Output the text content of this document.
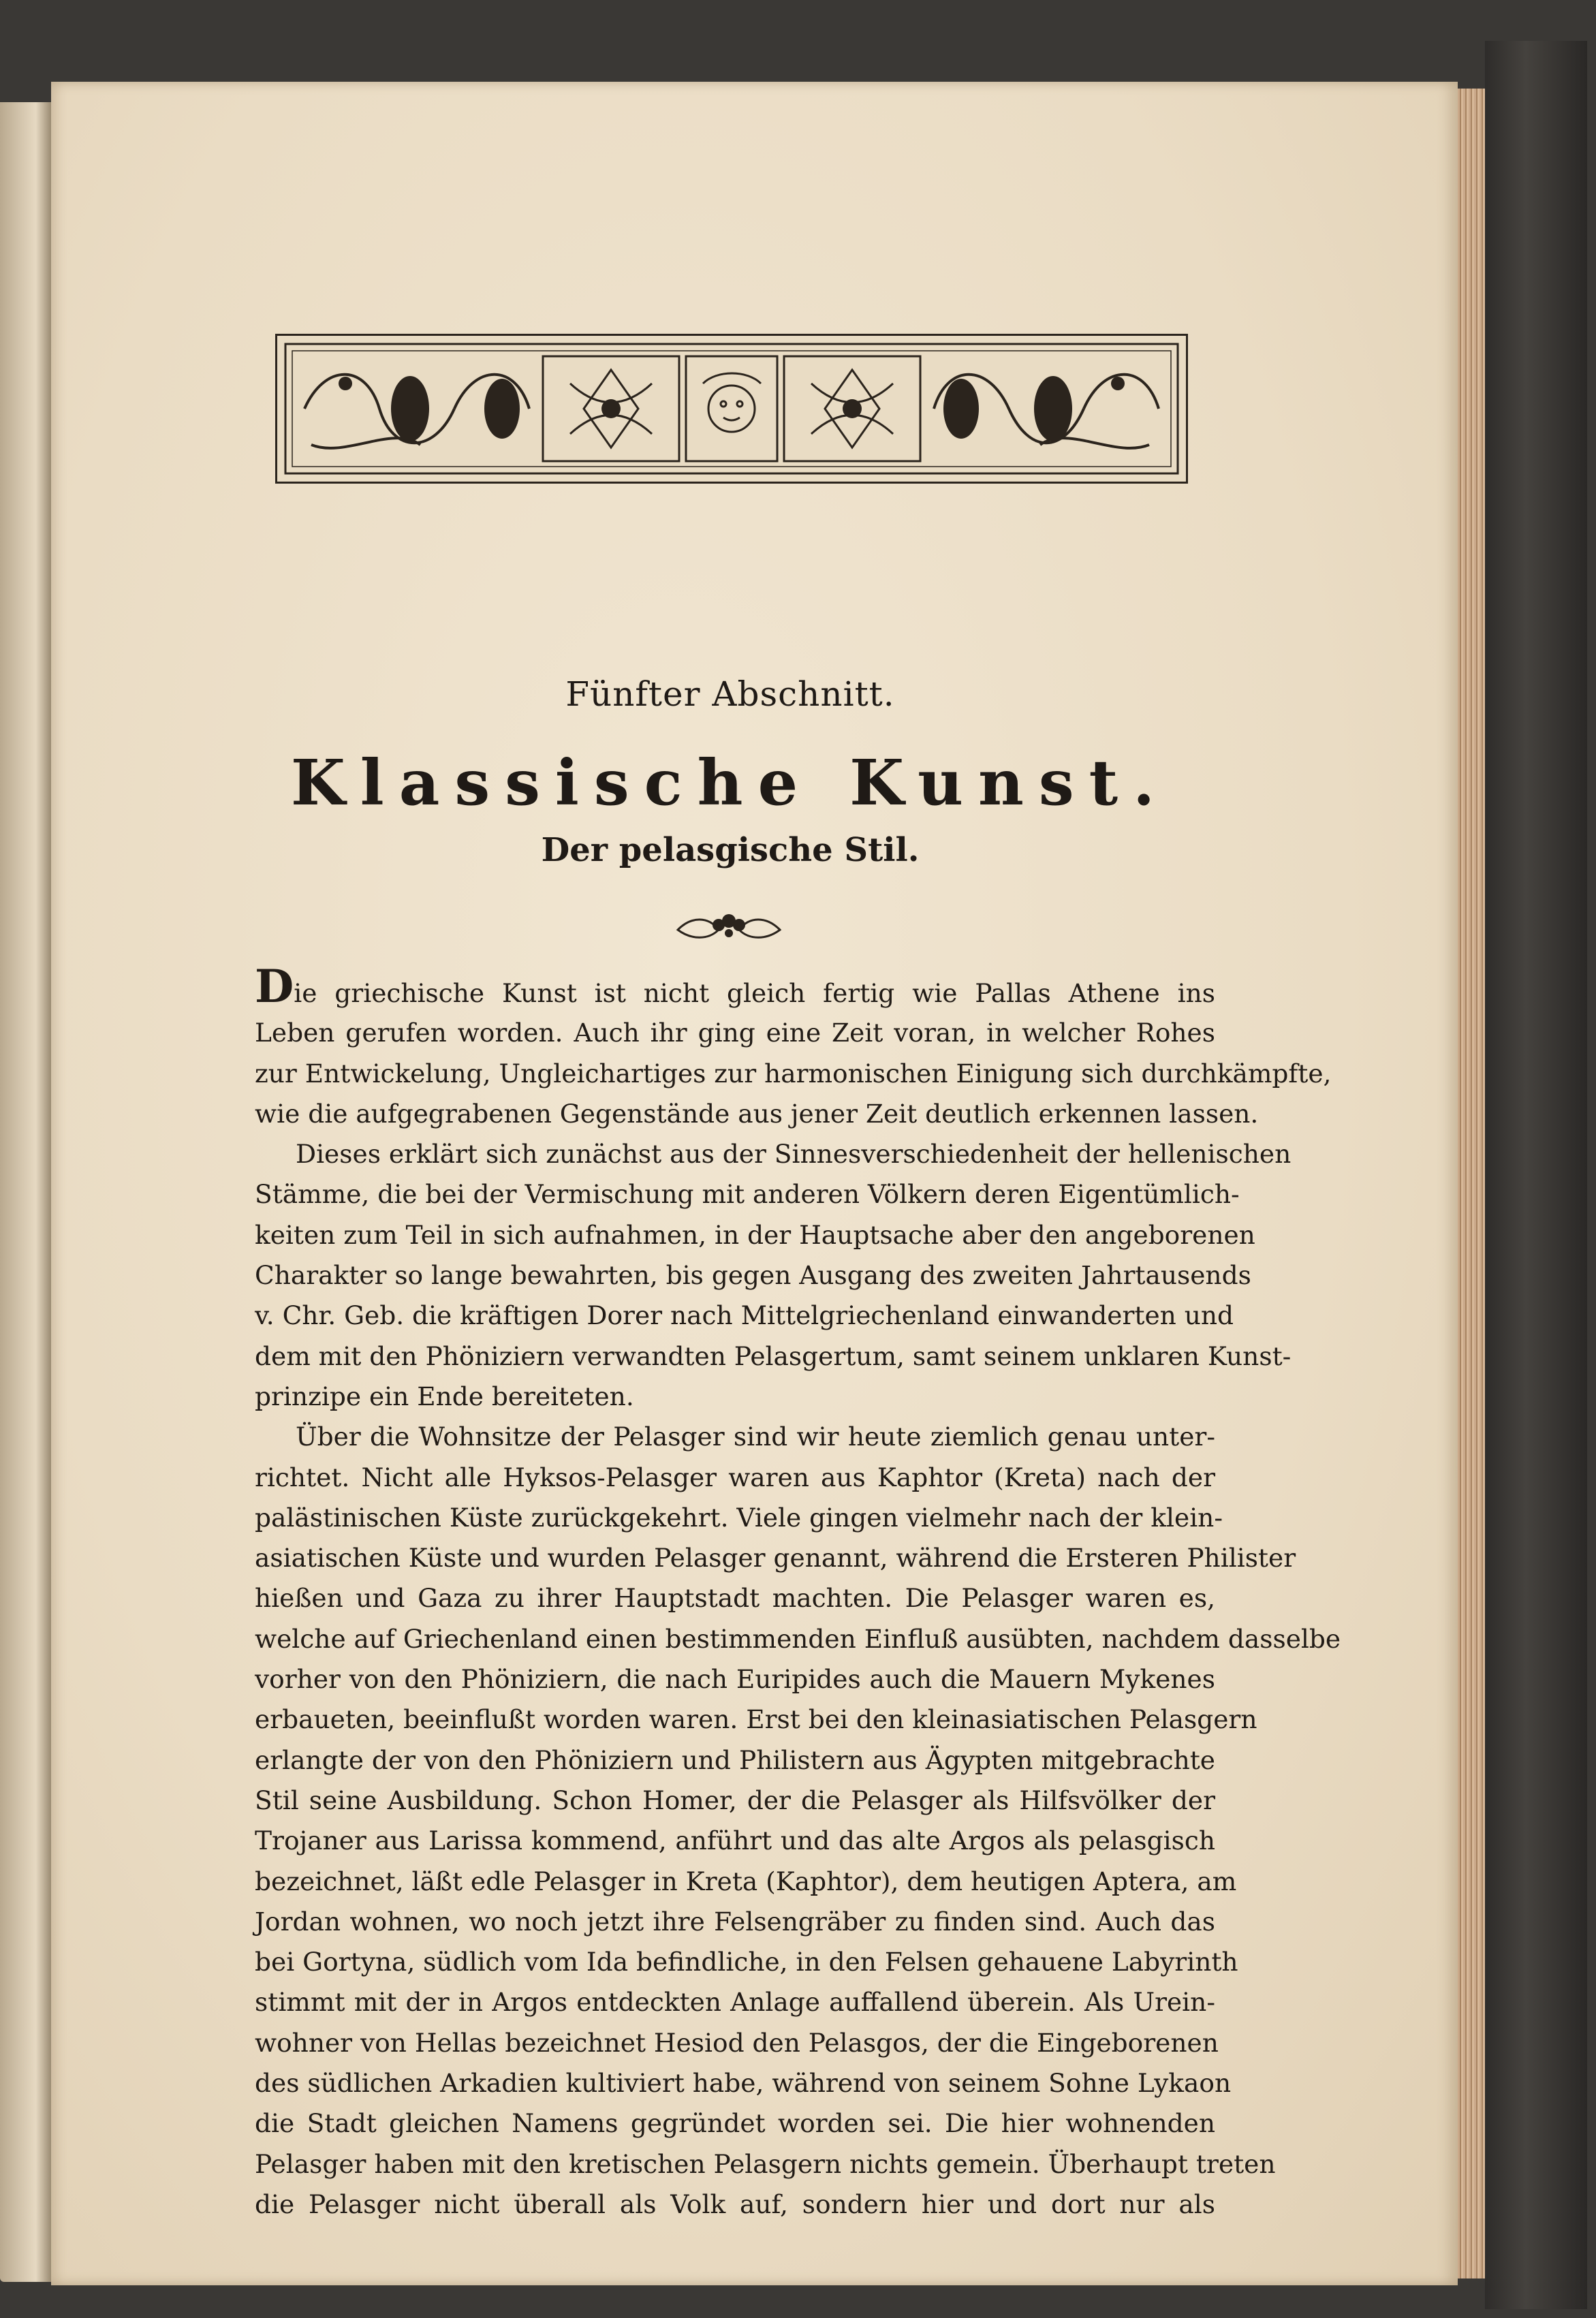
Fünfter Abschnitt.
Klassische Kunst.
Der pelasgische Stil.
Die griechische Kunst ist nicht gleich fertig wie Pallas Athene ins
Leben gerufen worden. Auch ihr ging eine Zeit voran, in welcher Rohes
zur Entwickelung, Ungleichartiges zur harmonischen Einigung sich durchkämpfte,
wie die aufgegrabenen Gegenstände aus jener Zeit deutlich erkennen lassen.
Dieses erklärt sich zunächst aus der Sinnesverschiedenheit der hellenischen
Stämme, die bei der Vermischung mit anderen Völkern deren Eigentümlich-
keiten zum Teil in sich aufnahmen, in der Hauptsache aber den angeborenen
Charakter so lange bewahrten, bis gegen Ausgang des zweiten Jahrtausends
v. Chr. Geb. die kräftigen Dorer nach Mittelgriechenland einwanderten und
dem mit den Phöniziern verwandten Pelasgertum, samt seinem unklaren Kunst-
prinzipe ein Ende bereiteten.
Über die Wohnsitze der Pelasger sind wir heute ziemlich genau unter-
richtet. Nicht alle Hyksos-Pelasger waren aus Kaphtor (Kreta) nach der
palästinischen Küste zurückgekehrt. Viele gingen vielmehr nach der klein-
asiatischen Küste und wurden Pelasger genannt, während die Ersteren Philister
hießen und Gaza zu ihrer Hauptstadt machten. Die Pelasger waren es,
welche auf Griechenland einen bestimmenden Einfluß ausübten, nachdem dasselbe
vorher von den Phöniziern, die nach Euripides auch die Mauern Mykenes
erbaueten, beeinflußt worden waren. Erst bei den kleinasiatischen Pelasgern
erlangte der von den Phöniziern und Philistern aus Ägypten mitgebrachte
Stil seine Ausbildung. Schon Homer, der die Pelasger als Hilfsvölker der
Trojaner aus Larissa kommend, anführt und das alte Argos als pelasgisch
bezeichnet, läßt edle Pelasger in Kreta (Kaphtor), dem heutigen Aptera, am
Jordan wohnen, wo noch jetzt ihre Felsengräber zu finden sind. Auch das
bei Gortyna, südlich vom Ida befindliche, in den Felsen gehauene Labyrinth
stimmt mit der in Argos entdeckten Anlage auffallend überein. Als Urein-
wohner von Hellas bezeichnet Hesiod den Pelasgos, der die Eingeborenen
des südlichen Arkadien kultiviert habe, während von seinem Sohne Lykaon
die Stadt gleichen Namens gegründet worden sei. Die hier wohnenden
Pelasger haben mit den kretischen Pelasgern nichts gemein. Überhaupt treten
die Pelasger nicht überall als Volk auf, sondern hier und dort nur als
